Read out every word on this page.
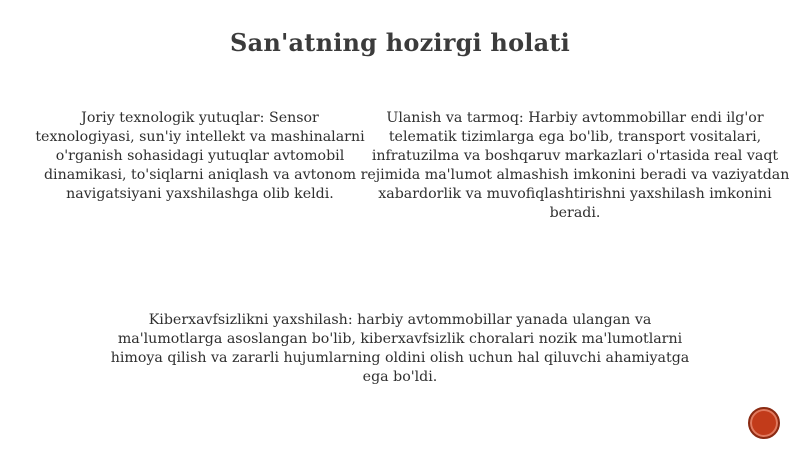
San'atning hozirgi holati
Joriy texnologik yutuqlar: Sensor texnologiyasi, sun'iy intellekt va mashinalarni o'rganish sohasidagi yutuqlar avtomobil dinamikasi, to'siqlarni aniqlash va avtonom navigatsiyani yaxshilashga olib keldi.
Ulanish va tarmoq: Harbiy avtommobillar endi ilg'or telematik tizimlarga ega bo'lib, transport vositalari, infratuzilma va boshqaruv markazlari o'rtasida real vaqt rejimida ma'lumot almashish imkonini beradi va vaziyatdan xabardorlik va muvofiqlashtirishni yaxshilash imkonini beradi.
Kiberxavfsizlikni yaxshilash: harbiy avtommobillar yanada ulangan va ma'lumotlarga asoslangan bo'lib, kiberxavfsizlik choralari nozik ma'lumotlarni himoya qilish va zararli hujumlarning oldini olish uchun hal qiluvchi ahamiyatga ega bo'ldi.
